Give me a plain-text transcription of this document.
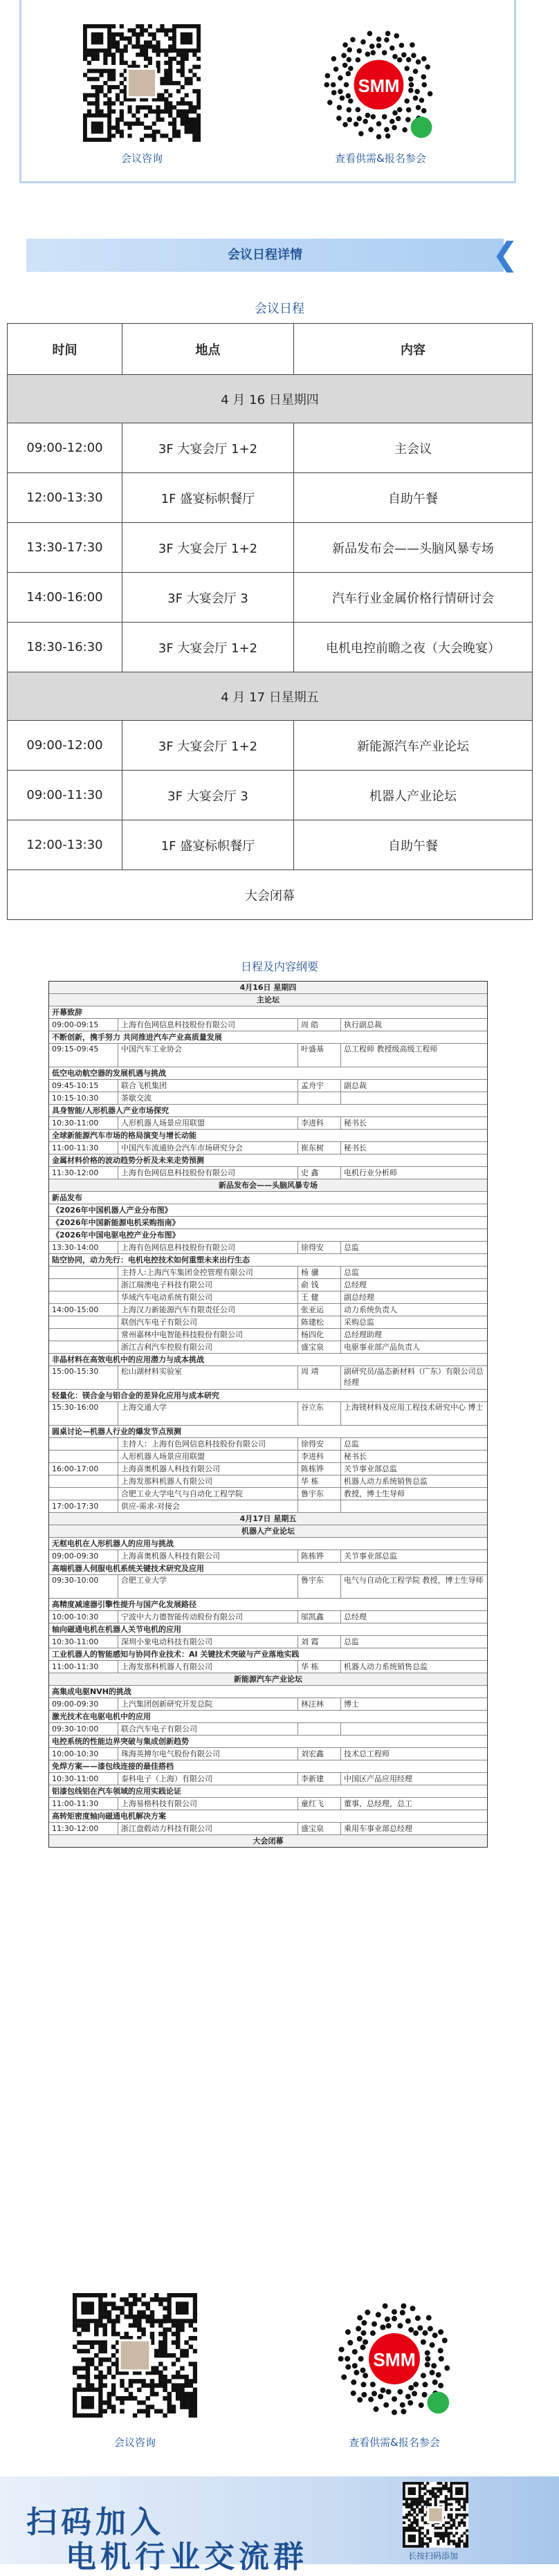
会议咨询
SMM
查看供需&报名参会
会议日程详情	❮
会议日程
时间	地点	内容
4 月 16 日星期四		
09:00-12:00	3F 大宴会厅 1+2	主会议
12:00-13:30	1F 盛宴标帜餐厅	自助午餐
13:30-17:30	3F 大宴会厅 1+2	新品发布会——头脑风暴专场
14:00-16:00	3F 大宴会厅 3	汽车行业金属价格行情研讨会
18:30-16:30	3F 大宴会厅 1+2	电机电控前瞻之夜（大会晚宴）
4 月 17 日星期五		
09:00-12:00	3F 大宴会厅 1+2	新能源汽车产业论坛
09:00-11:30	3F 大宴会厅 3	机器人产业论坛
12:00-13:30	1F 盛宴标帜餐厅	自助午餐
大会闭幕		
日程及内容纲要
4月16日 星期四
主论坛
开幕致辞
09:00-09:15	上海有色网信息科技股份有限公司	周 皓	执行副总裁
不断创新，携手努力 共同推进汽车产业高质量发展
09:15-09:45	中国汽车工业协会	叶盛基	总工程师 教授级高级工程师
低空电动航空器的发展机遇与挑战
09:45-10:15	联合飞机集团	孟舟宇	副总裁
10:15-10:30	茶歇交流
具身智能/人形机器人产业市场探究
10:30-11:00	人形机器人场景应用联盟	李进科	秘书长
全球新能源汽车市场的格局演变与增长动能
11:00-11:30	中国汽车流通协会汽车市场研究分会	崔东树	秘书长
金属材料价格的波动趋势分析及未来走势预测
11:30-12:00	上海有色网信息科技股份有限公司	史 鑫	电机行业分析师
新品发布会——头脑风暴专场
新品发布
《2026年中国机器人产业分布图》
《2026年中国新能源电机采购指南》
《2026年中国电驱电控产业分布图》
13:30-14:00	上海有色网信息科技股份有限公司	徐得安	总监
陆空协同，动力先行：电机电控技术如何重塑未来出行生态
主持人:上海汽车集团金控管理有限公司	杨 骥	总监
浙江瑞澳电子科技有限公司	俞 钱	总经理
华域汽车电动系统有限公司	王 健	副总经理
14:00-15:00	上海汉力新能源汽车有限责任公司	张亚运	动力系统负责人
联创汽车电子有限公司	陈建松	采购总监
常州嘉林中电智能科技股份有限公司	杨四化	总经理助理
浙江吉利汽车控股有限公司	盛宝泉	电驱事业部产品负责人
非晶材料在高效电机中的应用潜力与成本挑战
15:00-15:30	松山湖材料实验室	周 靖	副研究员/晶态新材料（广东）有限公司总经理
轻量化：镁合金与铝合金的差异化应用与成本研究
15:30-16:00	上海交通大学	谷立东	上海镁材料及应用工程技术研究中心 博士
圆桌讨论—机器人行业的爆发节点预测
主持人：上海有色网信息科技股份有限公司	徐得安	总监
人形机器人场景应用联盟	李进科	秘书长
16:00-17:00	上海喜奥机器人科技有限公司	陈栋铧	关节事业部总监
上海发那科机器人有限公司	华 栋	机器人动力系统销售总监
合肥工业大学电气与自动化工程学院	鲁宇东	教授，博士生导师
17:00-17:30	供应-需求-对接会
4月17日 星期五
机器人产业论坛
无框电机在人形机器人的应用与挑战
09:00-09:30	上海喜奥机器人科技有限公司	陈栋铧	关节事业部总监
高端机器人伺服电机系统关键技术研究及应用
09:30-10:00	合肥工业大学	鲁宇东	电气与自动化工程学院 教授，博士生导师
高精度减速器引擎性提升与国产化发展路径
10:00-10:30	宁波中大力德智能传动股份有限公司	邬凯鑫	总经理
轴向磁通电机在机器人关节电机的应用
10:30-11:00	深圳小象电动科技有限公司	刘 霞	总监
工业机器人的智能感知与协同作业技术：AI 关键技术突破与产业落地实践
11:00-11:30	上海发那科机器人有限公司	华 栋	机器人动力系统销售总监
新能源汽车产业论坛
高集成电驱NVH的挑战
09:00-09:30	上汽集团创新研究开发总院	林汪林	博士
激光技术在电驱电机中的应用
09:30-10:00	联合汽车电子有限公司
电控系统的性能边界突破与集成创新趋势
10:00-10:30	珠海英搏尔电气股份有限公司	刘宏鑫	技术总工程师
免焊方案——漆包线连接的最佳搭档
10:30-11:00	泰科电子（上海）有限公司	李新建	中国区产品应用经理
铝漆包线铝在汽车领域的应用实践论证
11:00-11:30	上海易格科技有限公司	童红飞	董事、总经理，总工
高转矩密度轴向磁通电机解决方案
11:30-12:00	浙江盘毂动力科技有限公司	盛宝泉	乘用车事业部总经理
大会闭幕
会议咨询
SMM
查看供需&报名参会
扫码加入
电机行业交流群	长按扫码添加
